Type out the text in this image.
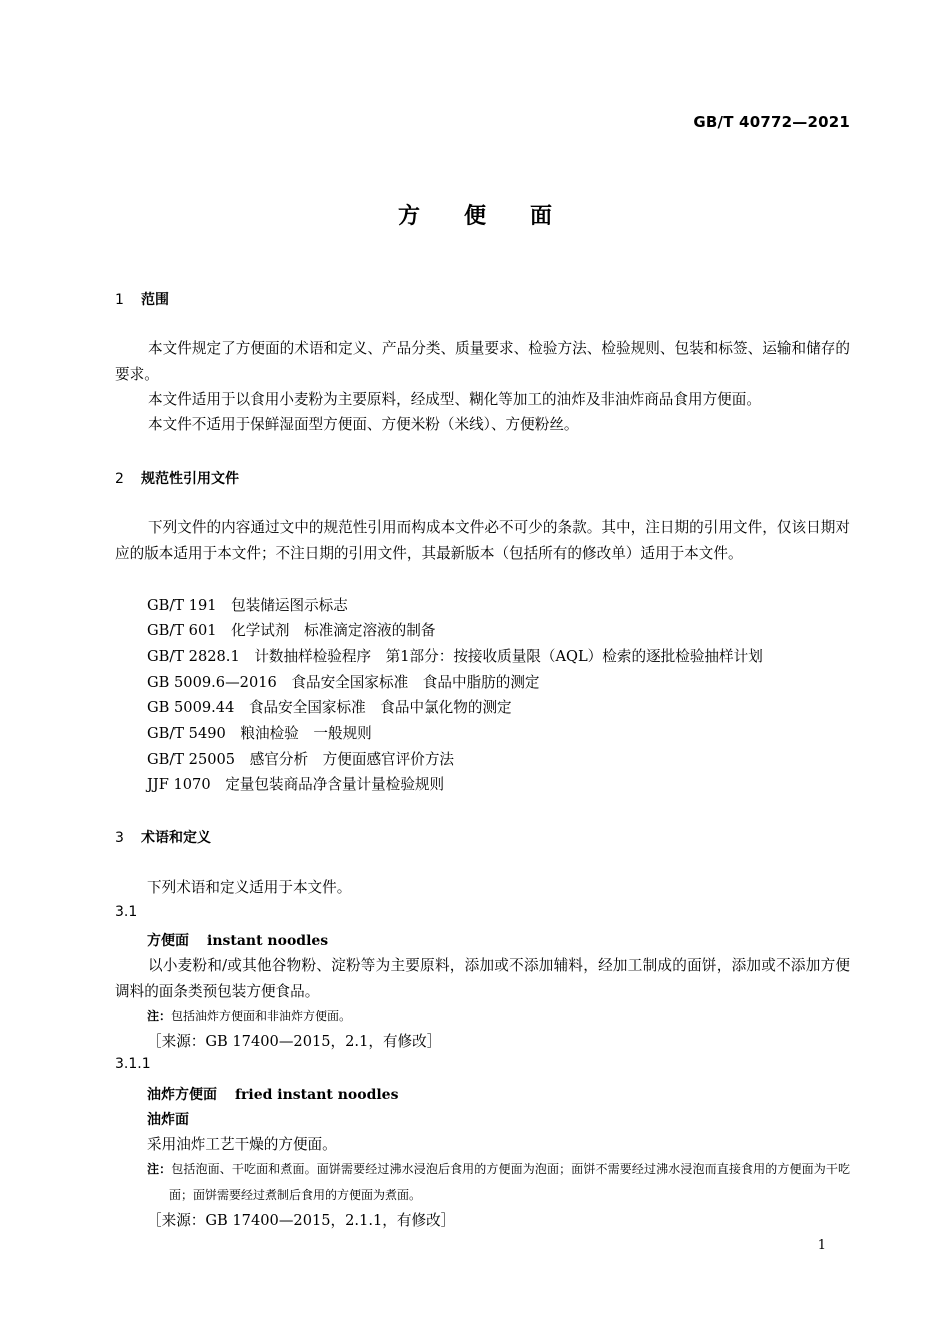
GB/T 40772—2021
方便面
1 范围
本文件规定了方便面的术语和定义、产品分类、质量要求、检验方法、检验规则、包装和标签、运输和储存的要求。
本文件适用于以食用小麦粉为主要原料，经成型、糊化等加工的油炸及非油炸商品食用方便面。
本文件不适用于保鲜湿面型方便面、方便米粉（米线）、方便粉丝。
2 规范性引用文件
下列文件的内容通过文中的规范性引用而构成本文件必不可少的条款。其中，注日期的引用文件，仅该日期对应的版本适用于本文件；不注日期的引用文件，其最新版本（包括所有的修改单）适用于本文件。
GB/T 191　包装储运图示标志
GB/T 601　化学试剂　标准滴定溶液的制备
GB/T 2828.1　计数抽样检验程序　第1部分：按接收质量限（AQL）检索的逐批检验抽样计划
GB 5009.6—2016　食品安全国家标准　食品中脂肪的测定
GB 5009.44　食品安全国家标准　食品中氯化物的测定
GB/T 5490　粮油检验　一般规则
GB/T 25005　感官分析　方便面感官评价方法
JJF 1070　定量包装商品净含量计量检验规则
3 术语和定义
下列术语和定义适用于本文件。
3.1
方便面 instant noodles
以小麦粉和/或其他谷物粉、淀粉等为主要原料，添加或不添加辅料，经加工制成的面饼，添加或不添加方便调料的面条类预包装方便食品。
注：包括油炸方便面和非油炸方便面。
［来源：GB 17400—2015，2.1，有修改］
3.1.1
油炸方便面 fried instant noodles
油炸面
采用油炸工艺干燥的方便面。
注：包括泡面、干吃面和煮面。面饼需要经过沸水浸泡后食用的方便面为泡面；面饼不需要经过沸水浸泡而直接食用的方便面为干吃面；面饼需要经过煮制后食用的方便面为煮面。
［来源：GB 17400—2015，2.1.1，有修改］
1
